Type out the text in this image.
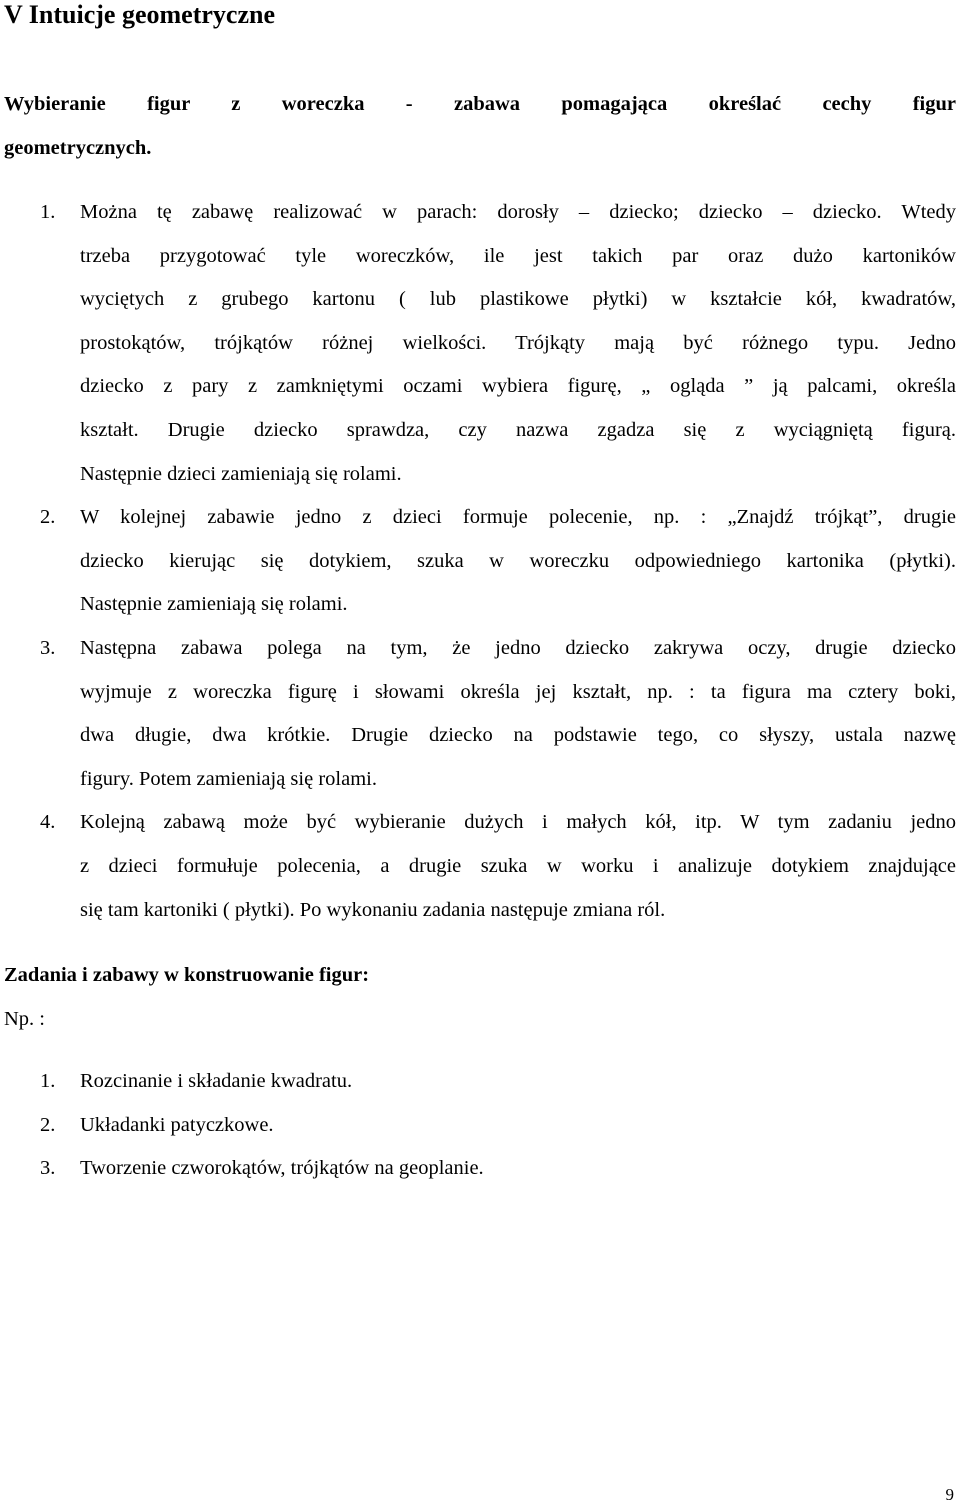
V Intuicje geometryczne
Wybieranie figur z woreczka - zabawa pomagająca określać cechy figur
geometrycznych.
1. Można tę zabawę realizować w parach: dorosły – dziecko; dziecko – dziecko. Wtedy
trzeba przygotować tyle woreczków, ile jest takich par oraz dużo kartoników
wyciętych z grubego kartonu ( lub plastikowe płytki) w kształcie kół, kwadratów,
prostokątów, trójkątów różnej wielkości. Trójkąty mają być różnego typu. Jedno
dziecko z pary z zamkniętymi oczami wybiera figurę, „ ogląda ” ją palcami, określa
kształt. Drugie dziecko sprawdza, czy nazwa zgadza się z wyciągniętą figurą.
Następnie dzieci zamieniają się rolami.
2. W kolejnej zabawie jedno z dzieci formuje polecenie, np. : „Znajdź trójkąt”, drugie
dziecko kierując się dotykiem, szuka w woreczku odpowiedniego kartonika (płytki).
Następnie zamieniają się rolami.
3. Następna zabawa polega na tym, że jedno dziecko zakrywa oczy, drugie dziecko
wyjmuje z woreczka figurę i słowami określa jej kształt, np. : ta figura ma cztery boki,
dwa długie, dwa krótkie. Drugie dziecko na podstawie tego, co słyszy, ustala nazwę
figury. Potem zamieniają się rolami.
4. Kolejną zabawą może być wybieranie dużych i małych kół, itp. W tym zadaniu jedno
z dzieci formułuje polecenia, a drugie szuka w worku i analizuje dotykiem znajdujące
się tam kartoniki ( płytki). Po wykonaniu zadania następuje zmiana ról.
Zadania i zabawy w konstruowanie figur:

Np. :

1. Rozcinanie i składanie kwadratu.
2. Układanki patyczkowe.
3. Tworzenie czworokątów, trójkątów na geoplanie.
9
